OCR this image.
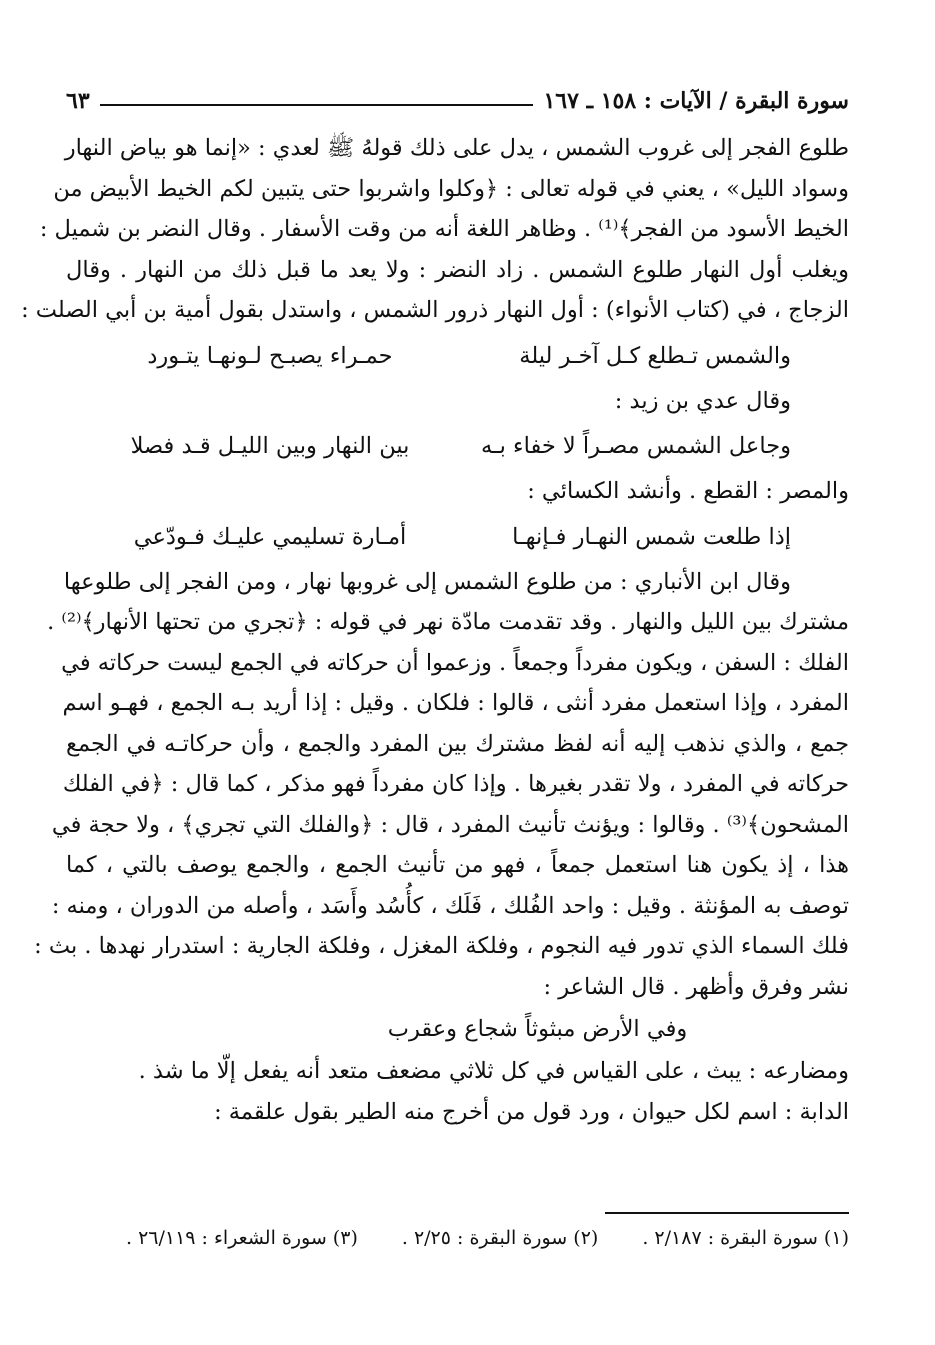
سورة البقرة / الآيات : ١٥٨ ـ ١٦٧
٦٣
طلوع الفجر إلى غروب الشمس ، يدل على ذلك قولهُ ﷺ لعدي : «إنما هو بياض النهار
وسواد الليل» ، يعني في قوله تعالى : ﴿وكلوا واشربوا حتى يتبين لكم الخيط الأبيض من
الخيط الأسود من الفجر﴾⁽¹⁾ . وظاهر اللغة أنه من وقت الأسفار . وقال النضر بن شميل :
ويغلب أول النهار طلوع الشمس . زاد النضر : ولا يعد ما قبل ذلك من النهار . وقال
الزجاج ، في (كتاب الأنواء) : أول النهار ذرور الشمس ، واستدل بقول أمية بن أبي الصلت :
والشمس تـطلع كـل آخـر ليلة
حمـراء يصبـح لـونهـا يتـورد
وقال عدي بن زيد :
وجاعل الشمس مصـراً لا خفاء بـه
بين النهار وبين الليـل قـد فصلا
والمصر : القطع . وأنشد الكسائي :
إذا طلعت شمس النهـار فـإنهـا
أمـارة تسليمي عليـك فـودّعي
وقال ابن الأنباري : من طلوع الشمس إلى غروبها نهار ، ومن الفجر إلى طلوعها
مشترك بين الليل والنهار . وقد تقدمت مادّة نهر في قوله : ﴿تجري من تحتها الأنهار﴾⁽²⁾ .
الفلك : السفن ، ويكون مفرداً وجمعاً . وزعموا أن حركاته في الجمع ليست حركاته في
المفرد ، وإذا استعمل مفرد أنثى ، قالوا : فلكان . وقيل : إذا أريد بـه الجمع ، فهـو اسم
جمع ، والذي نذهب إليه أنه لفظ مشترك بين المفرد والجمع ، وأن حركاتـه في الجمع
حركاته في المفرد ، ولا تقدر بغيرها . وإذا كان مفرداً فهو مذكر ، كما قال : ﴿في الفلك
المشحون﴾⁽³⁾ . وقالوا : ويؤنث تأنيث المفرد ، قال : ﴿والفلك التي تجري﴾ ، ولا حجة في
هذا ، إذ يكون هنا استعمل جمعاً ، فهو من تأنيث الجمع ، والجمع يوصف بالتي ، كما
توصف به المؤنثة . وقيل : واحد الفُلك ، فَلَك ، كأُسُد وأَسَد ، وأصله من الدوران ، ومنه :
فلك السماء الذي تدور فيه النجوم ، وفلكة المغزل ، وفلكة الجارية : استدرار نهدها . بث :
نشر وفرق وأظهر . قال الشاعر :
وفي الأرض مبثوثاً شجاع وعقرب
ومضارعه : يبث ، على القياس في كل ثلاثي مضعف متعد أنه يفعل إلّا ما شذ .
الدابة : اسم لكل حيوان ، ورد قول من أخرج منه الطير بقول علقمة :
(١) سورة البقرة : ٢/١٨٧ .
(٢) سورة البقرة : ٢/٢٥ .
(٣) سورة الشعراء : ٢٦/١١٩ .
